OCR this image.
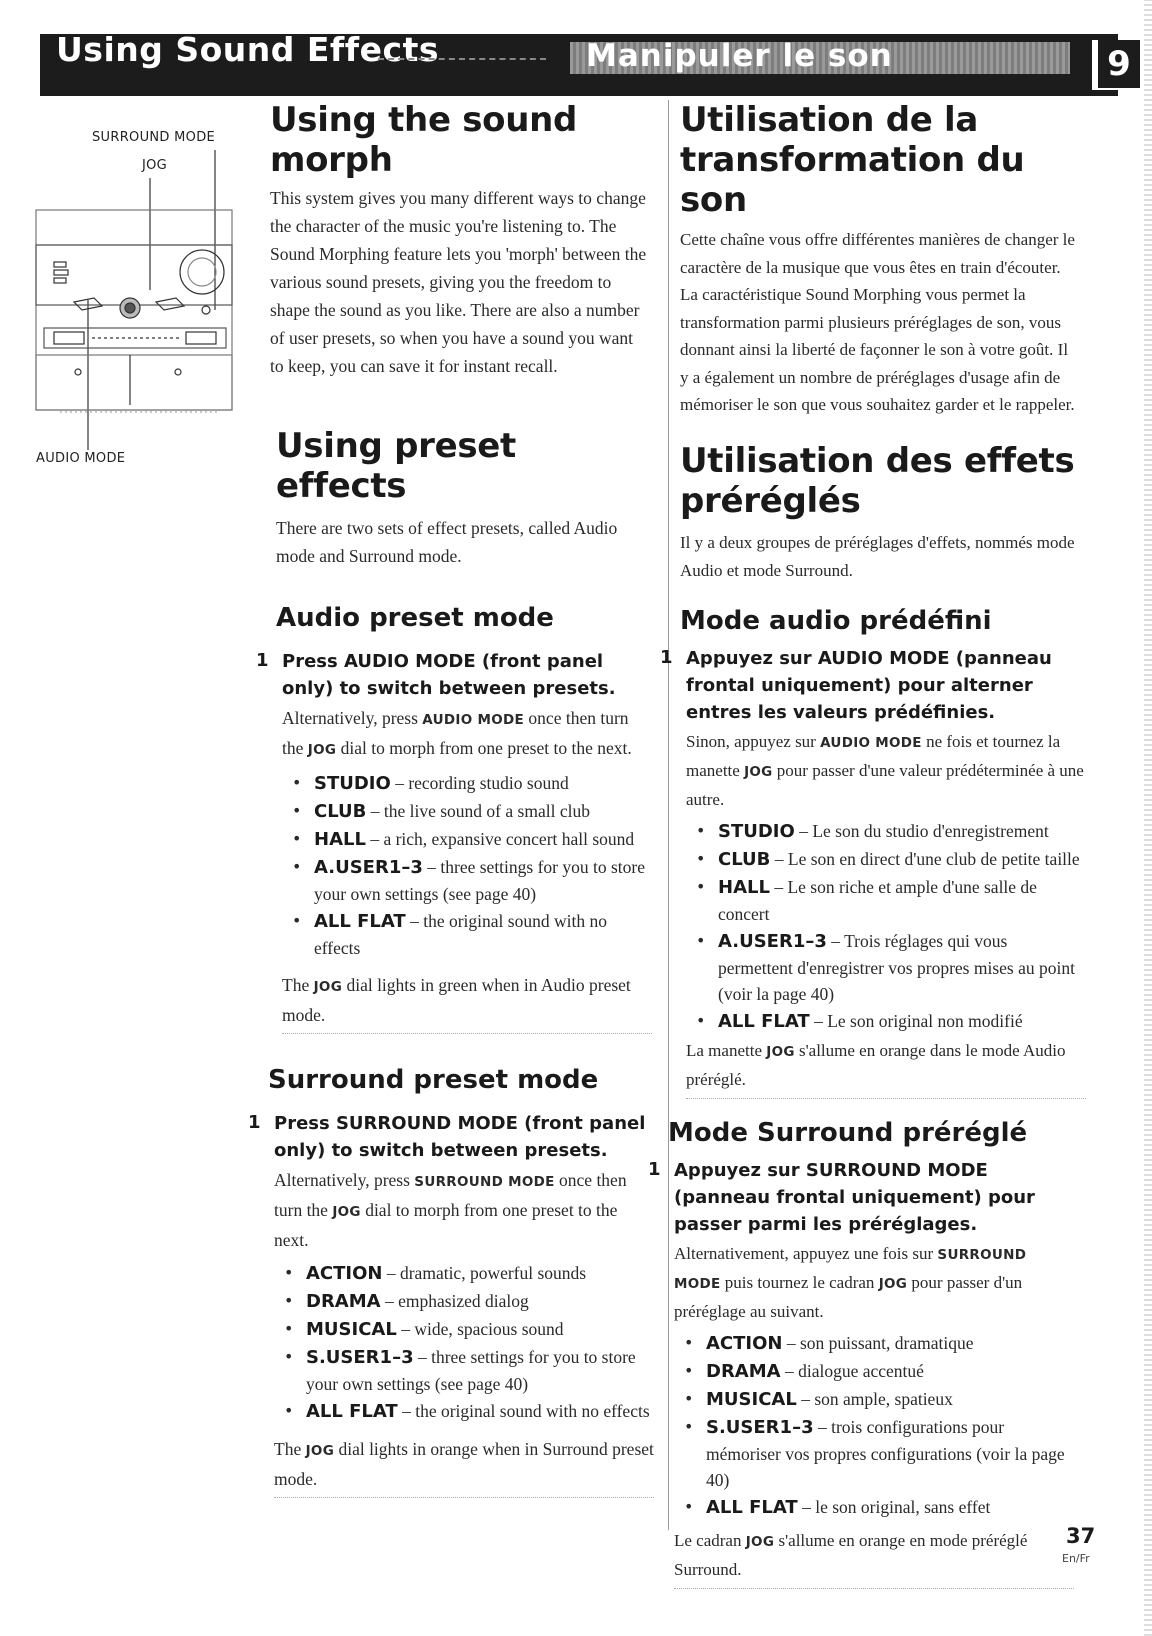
Using Sound Effects	Manipuler le son	9
SURROUND MODE
JOG
AUDIO MODE
Using the sound morph

This system gives you many different ways to change the character of the music you're listening to. The Sound Morphing feature lets you 'morph' between the various sound presets, giving you the freedom to shape the sound as you like. There are also a number of user presets, so when you have a sound you want to keep, you can save it for instant recall.

Using preset effects

There are two sets of effect presets, called Audio mode and Surround mode.

Audio preset mode
1 Press AUDIO MODE (front panel only) to switch between presets.

Alternatively, press AUDIO MODE once then turn the JOG dial to morph from one preset to the next.

• STUDIO – recording studio sound
• CLUB – the live sound of a small club
• HALL – a rich, expansive concert hall sound
• A.USER1–3 – three settings for you to store your own settings (see page 40)
• ALL FLAT – the original sound with no effects

The JOG dial lights in green when in Audio preset mode.

Surround preset mode
1 Press SURROUND MODE (front panel only) to switch between presets.

Alternatively, press SURROUND MODE once then turn the JOG dial to morph from one preset to the next.

• ACTION – dramatic, powerful sounds
• DRAMA – emphasized dialog
• MUSICAL – wide, spacious sound
• S.USER1–3 – three settings for you to store your own settings (see page 40)
• ALL FLAT – the original sound with no effects

The JOG dial lights in orange when in Surround preset mode.

Utilisation de la transformation du son

Cette chaîne vous offre différentes manières de changer le caractère de la musique que vous êtes en train d'écouter. La caractéristique Sound Morphing vous permet la transformation parmi plusieurs préréglages de son, vous donnant ainsi la liberté de façonner le son à votre goût. Il y a également un nombre de préréglages d'usage afin de mémoriser le son que vous souhaitez garder et le rappeler.

Utilisation des effets préréglés

Il y a deux groupes de préréglages d'effets, nommés mode Audio et mode Surround.

Mode audio prédéfini
1 Appuyez sur AUDIO MODE (panneau frontal uniquement) pour alterner entres les valeurs prédéfinies.

Sinon, appuyez sur AUDIO MODE ne fois et tournez la manette JOG pour passer d'une valeur prédéterminée à une autre.

• STUDIO – Le son du studio d'enregistrement
• CLUB – Le son en direct d'une club de petite taille
• HALL – Le son riche et ample d'une salle de concert
• A.USER1–3 – Trois réglages qui vous permettent d'enregistrer vos propres mises au point (voir la page 40)
• ALL FLAT – Le son original non modifié

La manette JOG s'allume en orange dans le mode Audio préréglé.

Mode Surround préréglé
1 Appuyez sur SURROUND MODE (panneau frontal uniquement) pour passer parmi les préréglages.

Alternativement, appuyez une fois sur SURROUND MODE puis tournez le cadran JOG pour passer d'un préréglage au suivant.

• ACTION – son puissant, dramatique
• DRAMA – dialogue accentué
• MUSICAL – son ample, spatieux
• S.USER1–3 – trois configurations pour mémoriser vos propres configurations (voir la page 40)
• ALL FLAT – le son original, sans effet

Le cadran JOG s'allume en orange en mode préréglé Surround.

37
En/Fr
